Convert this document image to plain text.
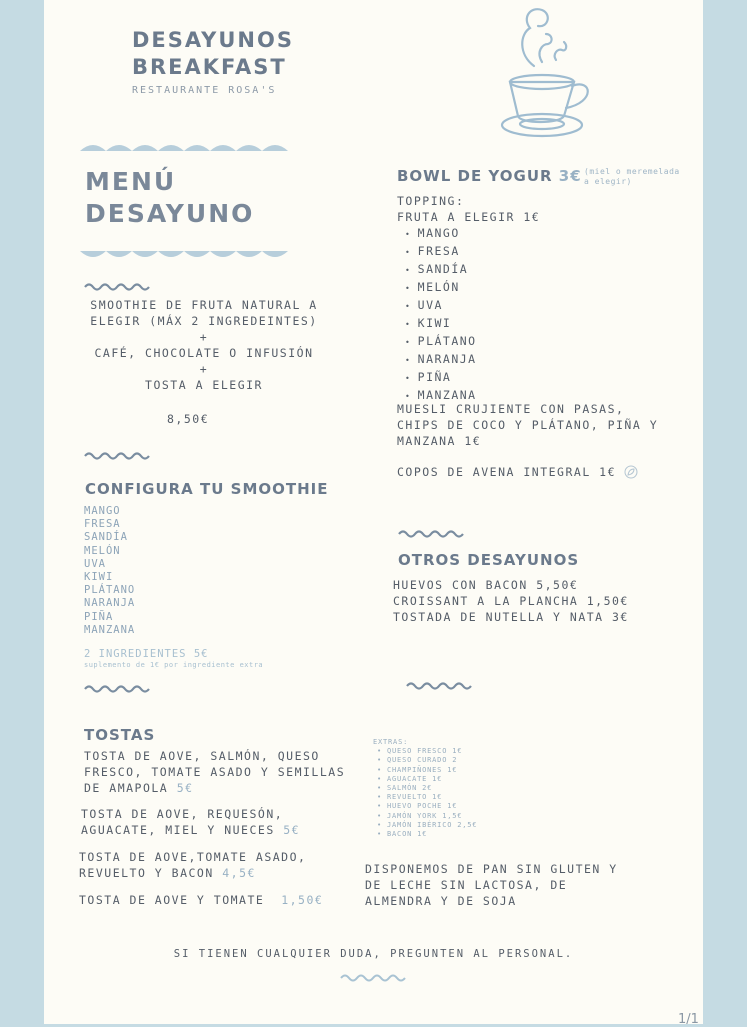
DESAYUNOS
BREAKFAST
RESTAURANTE ROSA'S
MENÚ
DESAYUNO
SMOOTHIE DE FRUTA NATURAL A
ELEGIR (MÁX 2 INGREDEINTES)
+
CAFÉ, CHOCOLATE O INFUSIÓN
+
TOSTA A ELEGIR
8,50€
CONFIGURA TU SMOOTHIE
MANGO
FRESA
SANDÍA
MELÓN
UVA
KIWI
PLÁTANO
NARANJA
PIÑA
MANZANA
2 INGREDIENTES 5€
suplemento de 1€ por ingrediente extra
TOSTAS
TOSTA DE AOVE, SALMÓN, QUESO
FRESCO, TOMATE ASADO Y SEMILLAS
DE AMAPOLA 5€
TOSTA DE AOVE, REQUESÓN,
AGUACATE, MIEL Y NUECES 5€
TOSTA DE AOVE,TOMATE ASADO,
REVUELTO Y BACON 4,5€
TOSTA DE AOVE Y TOMATE 1,50€
BOWL DE YOGUR 3€ (miel o meremelada
a elegir)
TOPPING:
FRUTA A ELEGIR 1€
• MANGO
• FRESA
• SANDÍA
• MELÓN
• UVA
• KIWI
• PLÁTANO
• NARANJA
• PIÑA
• MANZANA
MUESLI CRUJIENTE CON PASAS,
CHIPS DE COCO Y PLÁTANO, PIÑA Y
MANZANA 1€
COPOS DE AVENA INTEGRAL 1€
OTROS DESAYUNOS
HUEVOS CON BACON 5,50€
CROISSANT A LA PLANCHA 1,50€
TOSTADA DE NUTELLA Y NATA 3€
EXTRAS:
• QUESO FRESCO 1€
• QUESO CURADO 2
• CHAMPIÑONES 1€
• AGUACATE 1€
• SALMÓN 2€
• REVUELTO 1€
• HUEVO POCHE 1€
• JAMÓN YORK 1,5€
• JAMÓN IBÉRICO 2,5€
• BACON 1€
DISPONEMOS DE PAN SIN GLUTEN Y
DE LECHE SIN LACTOSA, DE
ALMENDRA Y DE SOJA
SI TIENEN CUALQUIER DUDA, PREGUNTEN AL PERSONAL.
1/1
